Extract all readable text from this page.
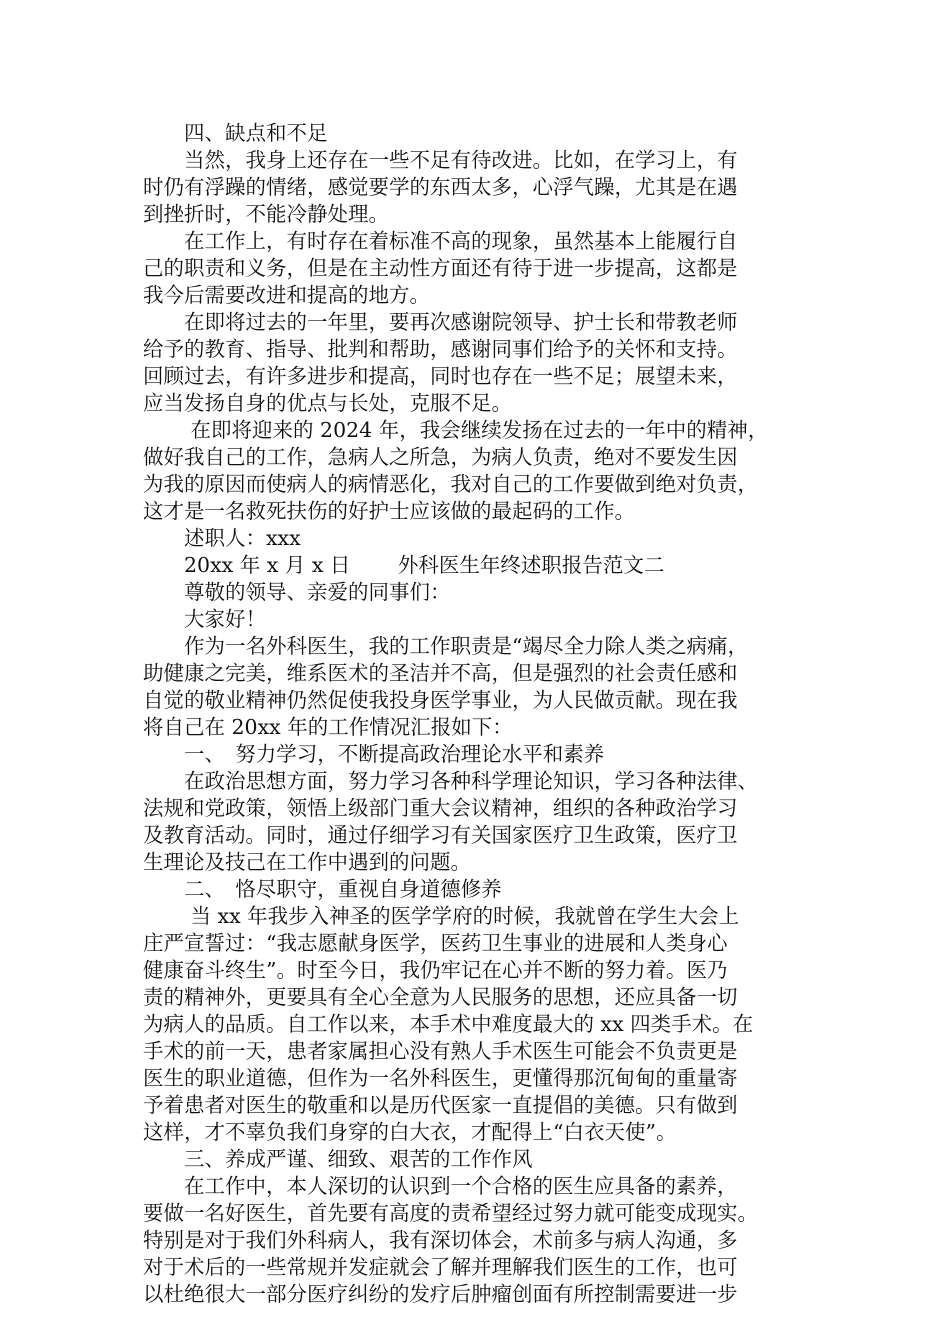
　　四、缺点和不足
　　当然，我身上还存在一些不足有待改进。比如，在学习上，有
时仍有浮躁的情绪，感觉要学的东西太多，心浮气躁，尤其是在遇
到挫折时，不能冷静处理。
　　在工作上，有时存在着标准不高的现象，虽然基本上能履行自
己的职责和义务，但是在主动性方面还有待于进一步提高，这都是
我今后需要改进和提高的地方。
　　在即将过去的一年里，要再次感谢院领导、护士长和带教老师
给予的教育、指导、批判和帮助，感谢同事们给予的关怀和支持。
回顾过去，有许多进步和提高，同时也存在一些不足；展望未来，
应当发扬自身的优点与长处，克服不足。
　　 在即将迎来的 2024 年，我会继续发扬在过去的一年中的精神，
做好我自己的工作，急病人之所急，为病人负责，绝对不要发生因
为我的原因而使病人的病情恶化，我对自己的工作要做到绝对负责，
这才是一名救死扶伤的好护士应该做的最起码的工作。
　　述职人：xxx
　　20xx 年 x 月 x 日　　 外科医生年终述职报告范文二
　　尊敬的领导、亲爱的同事们：
　　大家好！
　　作为一名外科医生，我的工作职责是“竭尽全力除人类之病痛，
助健康之完美，维系医术的圣洁并不高，但是强烈的社会责任感和
自觉的敬业精神仍然促使我投身医学事业，为人民做贡献。现在我
将自己在 20xx 年的工作情况汇报如下：
　　一、　努力学习，不断提高政治理论水平和素养
　　在政治思想方面，努力学习各种科学理论知识，学习各种法律、
法规和党政策，领悟上级部门重大会议精神，组织的各种政治学习
及教育活动。同时，通过仔细学习有关国家医疗卫生政策，医疗卫
生理论及技己在工作中遇到的问题。
　　二、　恪尽职守，重视自身道德修养
　　 当 xx 年我步入神圣的医学学府的时候，我就曾在学生大会上
庄严宣誓过：“我志愿献身医学，医药卫生事业的进展和人类身心
健康奋斗终生”。时至今日，我仍牢记在心并不断的努力着。医乃
责的精神外，更要具有全心全意为人民服务的思想，还应具备一切
为病人的品质。自工作以来，本手术中难度最大的 xx 四类手术。在
手术的前一天，患者家属担心没有熟人手术医生可能会不负责更是
医生的职业道德，但作为一名外科医生，更懂得那沉甸甸的重量寄
予着患者对医生的敬重和以是历代医家一直提倡的美德。只有做到
这样，才不辜负我们身穿的白大衣，才配得上“白衣天使”。
　　三、养成严谨、细致、艰苦的工作作风
　　在工作中，本人深切的认识到一个合格的医生应具备的素养，
要做一名好医生，首先要有高度的责希望经过努力就可能变成现实。
特别是对于我们外科病人，我有深切体会，术前多与病人沟通，多
对于术后的一些常规并发症就会了解并理解我们医生的工作，也可
以杜绝很大一部分医疗纠纷的发疗后肿瘤创面有所控制需要进一步
